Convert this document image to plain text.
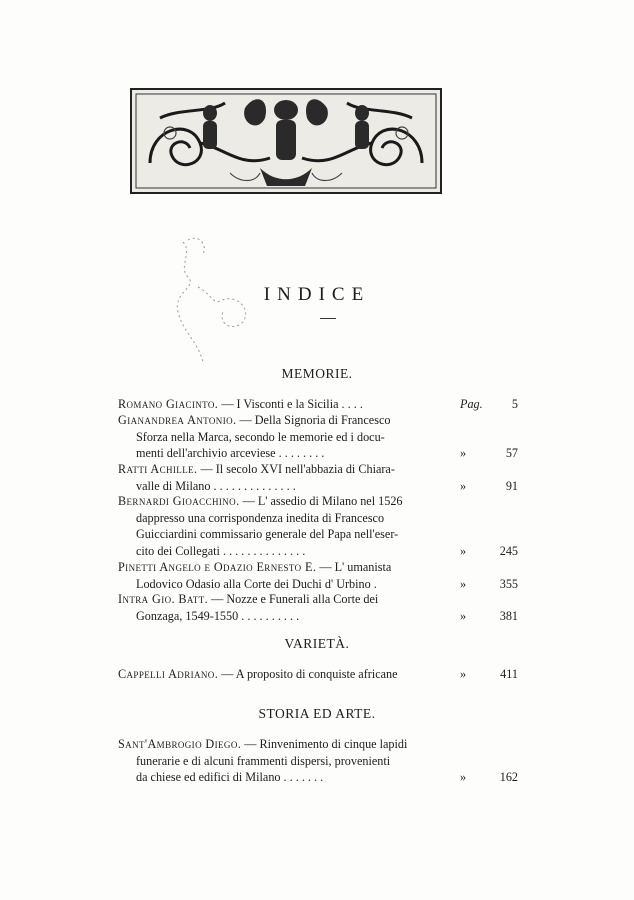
INDICE
MEMORIE.
Romano Giacinto. — I Visconti e la Sicilia . . . .	Pag. 5
Gianandrea Antonio. — Della Signoria di Francesco
Sforza nella Marca, secondo le memorie ed i docu-
menti dell'archivio arceviese . . . . . . . .	»	57
Ratti Achille. — Il secolo XVI nell'abbazia di Chiara-
valle di Milano . . . . . . . . . . . . . .	»	91
Bernardi Gioacchino. — L' assedio di Milano nel 1526
dappresso una corrispondenza inedita di Francesco
Guicciardini commissario generale del Papa nell'eser-
cito dei Collegati . . . . . . . . . . . . . .	»	245
Pinetti Angelo e Odazio Ernesto E. — L' umanista
Lodovico Odasio alla Corte dei Duchi d' Urbino .	»	355
Intra Gio. Batt. — Nozze e Funerali alla Corte dei
Gonzaga, 1549-1550 . . . . . . . . . .	»	381
VARIETÀ.
Cappelli Adriano. — A proposito di conquiste africane	»	411
STORIA ED ARTE.
Sant'Ambrogio Diego. — Rinvenimento di cinque lapidi
funerarie e di alcuni frammenti dispersi, provenienti
da chiese ed edifici di Milano . . . . . . .	»	162
